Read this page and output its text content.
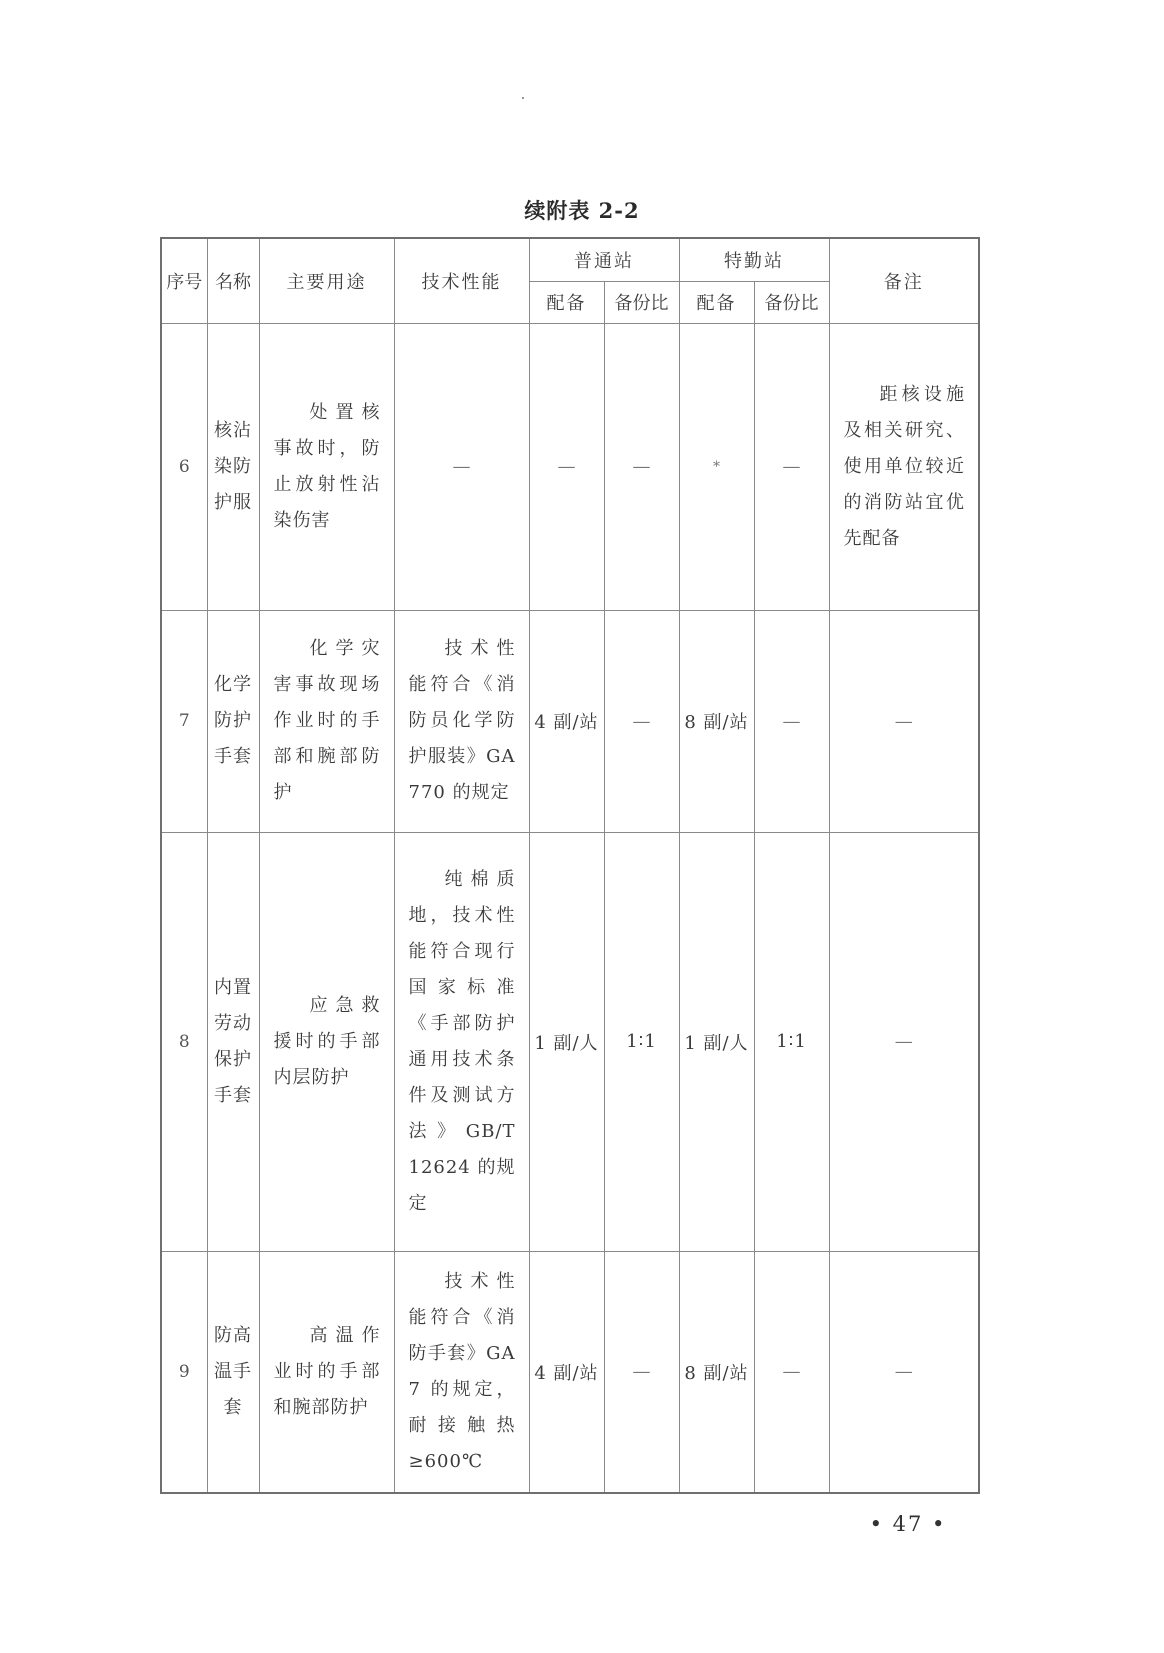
续附表 2-2
序号	名称	主要用途	技术性能	普通站		特勤站		备注
				配备	备份比	配备	备份比	
6	核沾染防护服	处置核事故时，防止放射性沾染伤害	—	—	—	*	—	距核设施及相关研究、使用单位较近的消防站宜优先配备
7	化学防护手套	化学灾害事故现场作业时的手部和腕部防护	技术性能符合《消防员化学防护服装》GA 770 的规定	4 副/站	—	8 副/站	—	—
8	内置劳动保护手套	应急救援时的手部内层防护	纯棉质地，技术性能符合现行国家标准《手部防护 通用技术条件及测试方法》GB/T 12624 的规定	1 副/人	1∶1	1 副/人	1∶1	—
9	防高温手套	高温作业时的手部和腕部防护	技术性能符合《消防手套》GA 7 的规定，耐接触热≥600℃	4 副/站	—	8 副/站	—	—
• 47 •
